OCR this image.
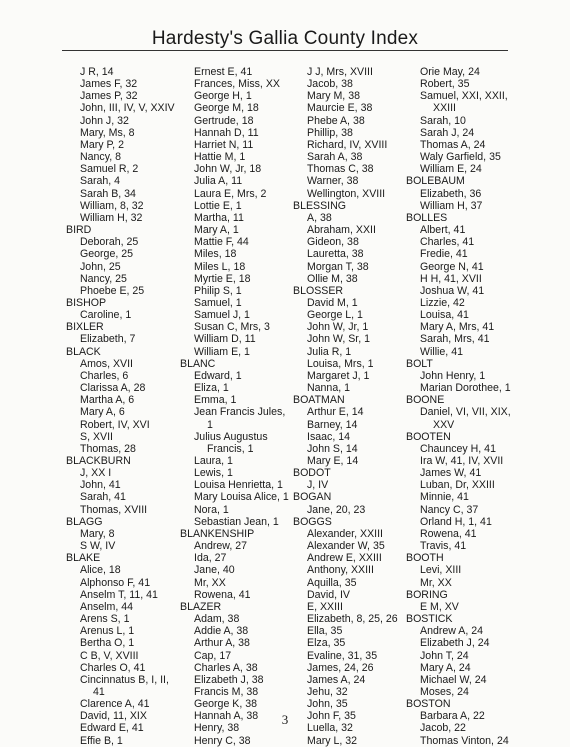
Hardesty's Gallia County Index
J R, 14
James F, 32
James P, 32
John, III, IV, V, XXIV
John J, 32
Mary, Ms, 8
Mary P, 2
Nancy, 8
Samuel R, 2
Sarah, 4
Sarah B, 34
William, 8, 32
William H, 32
BIRD
Deborah, 25
George, 25
John, 25
Nancy, 25
Phoebe E, 25
BISHOP
Caroline, 1
BIXLER
Elizabeth, 7
BLACK
Amos, XVII
Charles, 6
Clarissa A, 28
Martha A, 6
Mary A, 6
Robert, IV, XVI
S, XVII
Thomas, 28
BLACKBURN
J, XX I
John, 41
Sarah, 41
Thomas, XVIII
BLAGG
Mary, 8
S W, IV
BLAKE
Alice, 18
Alphonso F, 41
Anselm T, 11, 41
Anselm, 44
Arens S, 1
Arenus L, 1
Bertha O, 1
C B, V, XVIII
Charles O, 41
Cincinnatus B, I, II,
41
Clarence A, 41
David, 11, XIX
Edward E, 41
Effie B, 1
Ernest E, 41
Frances, Miss, XX
George H, 1
George M, 18
Gertrude, 18
Hannah D, 11
Harriet N, 11
Hattie M, 1
John W, Jr, 18
Julia A, 11
Laura E, Mrs, 2
Lottie E, 1
Martha, 11
Mary A, 1
Mattie F, 44
Miles, 18
Miles L, 18
Myrtie E, 18
Philip S, 1
Samuel, 1
Samuel J, 1
Susan C, Mrs, 3
William D, 11
William E, 1
BLANC
Edward, 1
Eliza, 1
Emma, 1
Jean Francis Jules,
1
Julius Augustus
Francis, 1
Laura, 1
Lewis, 1
Louisa Henrietta, 1
Mary Louisa Alice, 1
Nora, 1
Sebastian Jean, 1
BLANKENSHIP
Andrew, 27
Ida, 27
Jane, 40
Mr, XX
Rowena, 41
BLAZER
Adam, 38
Addie A, 38
Arthur A, 38
Cap, 17
Charles A, 38
Elizabeth J, 38
Francis M, 38
George K, 38
Hannah A, 38
Henry, 38
Henry C, 38
J J, Mrs, XVIII
Jacob, 38
Mary M, 38
Maurcie E, 38
Phebe A, 38
Phillip, 38
Richard, IV, XVIII
Sarah A, 38
Thomas C, 38
Warner, 38
Wellington, XVIII
BLESSING
A, 38
Abraham, XXII
Gideon, 38
Lauretta, 38
Morgan T, 38
Ollie M, 38
BLOSSER
David M, 1
George L, 1
John W, Jr, 1
John W, Sr, 1
Julia R, 1
Louisa, Mrs, 1
Margaret J, 1
Nanna, 1
BOATMAN
Arthur E, 14
Barney, 14
Isaac, 14
John S, 14
Mary E, 14
BODOT
J, IV
BOGAN
Jane, 20, 23
BOGGS
Alexander, XXIII
Alexander W, 35
Andrew E, XXIII
Anthony, XXIII
Aquilla, 35
David, IV
E, XXIII
Elizabeth, 8, 25, 26
Ella, 35
Elza, 35
Evaline, 31, 35
James, 24, 26
James A, 24
Jehu, 32
John, 35
John F, 35
Luella, 32
Mary L, 32
Orie May, 24
Robert, 35
Samuel, XXI, XXII,
XXIII
Sarah, 10
Sarah J, 24
Thomas A, 24
Waly Garfield, 35
William E, 24
BOLEBAUM
Elizabeth, 36
William H, 37
BOLLES
Albert, 41
Charles, 41
Fredie, 41
George N, 41
H H, 41, XVII
Joshua W, 41
Lizzie, 42
Louisa, 41
Mary A, Mrs, 41
Sarah, Mrs, 41
Willie, 41
BOLT
John Henry, 1
Marian Dorothee, 1
BOONE
Daniel, VI, VII, XIX,
XXV
BOOTEN
Chauncey H, 41
Ira W, 41, IV, XVII
James W, 41
Luban, Dr, XXIII
Minnie, 41
Nancy C, 37
Orland H, 1, 41
Rowena, 41
Travis, 41
BOOTH
Levi, XIII
Mr, XX
BORING
E M, XV
BOSTICK
Andrew A, 24
Elizabeth J, 24
John T, 24
Mary A, 24
Michael W, 24
Moses, 24
BOSTON
Barbara A, 22
Jacob, 22
Thomas Vinton, 24
3
